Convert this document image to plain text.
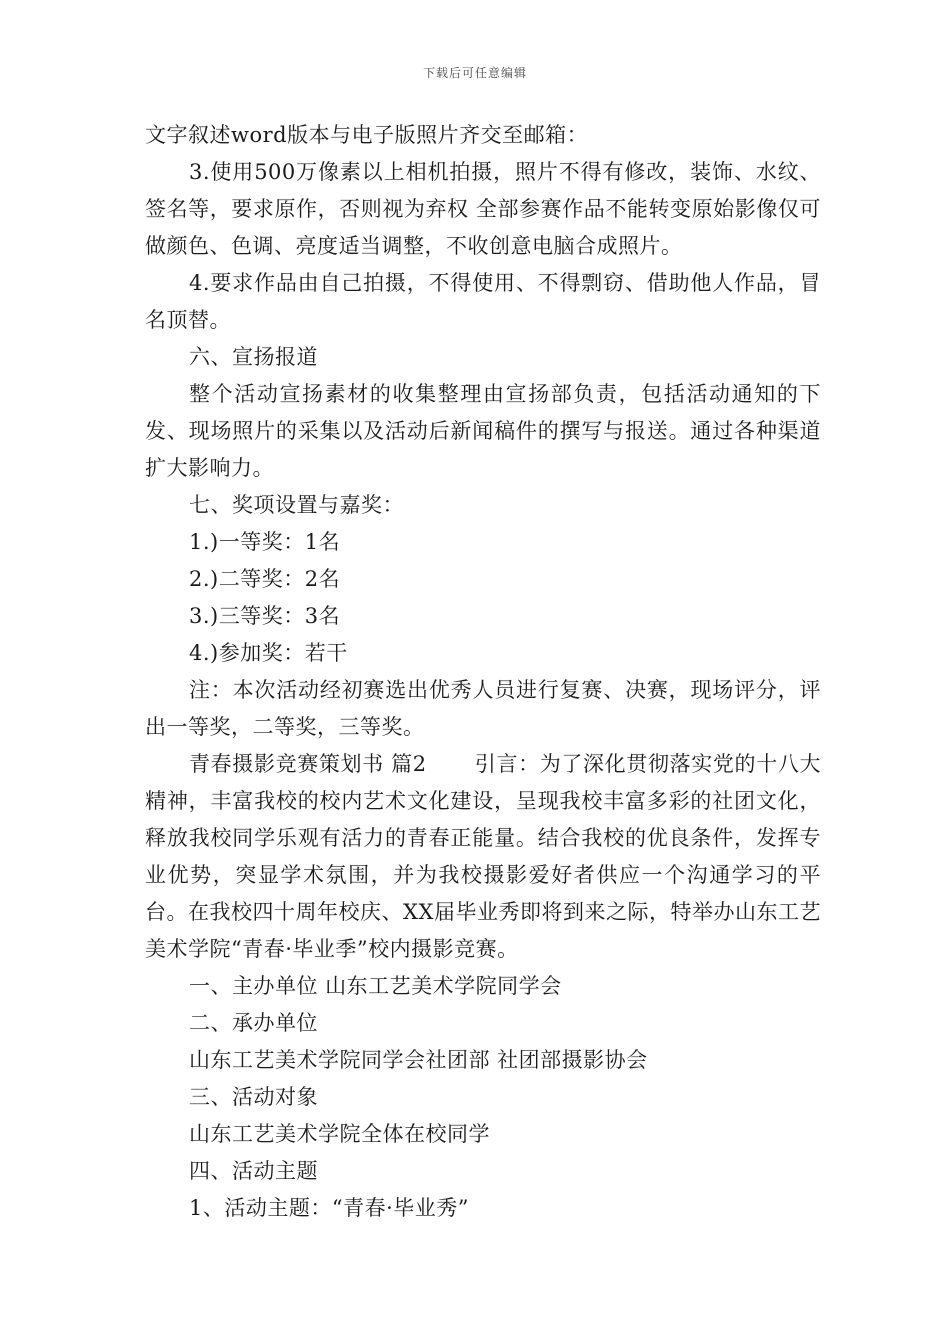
下载后可任意编辑

文字叙述word版本与电子版照片齐交至邮箱：

3.使用500万像素以上相机拍摄，照片不得有修改，装饰、水纹、签名等，要求原作，否则视为弃权 全部参赛作品不能转变原始影像仅可做颜色、色调、亮度适当调整，不收创意电脑合成照片。

4.要求作品由自己拍摄，不得使用、不得剽窃、借助他人作品，冒名顶替。

六、宣扬报道

整个活动宣扬素材的收集整理由宣扬部负责，包括活动通知的下发、现场照片的采集以及活动后新闻稿件的撰写与报送。通过各种渠道扩大影响力。

七、奖项设置与嘉奖：

1.)一等奖：1名

2.)二等奖：2名

3.)三等奖：3名

4.)参加奖：若干

注：本次活动经初赛选出优秀人员进行复赛、决赛，现场评分，评出一等奖，二等奖，三等奖。

青春摄影竞赛策划书 篇2 引言：为了深化贯彻落实党的十八大精神，丰富我校的校内艺术文化建设，呈现我校丰富多彩的社团文化，释放我校同学乐观有活力的青春正能量。结合我校的优良条件，发挥专业优势，突显学术氛围，并为我校摄影爱好者供应一个沟通学习的平台。在我校四十周年校庆、XX届毕业秀即将到来之际，特举办山东工艺美术学院“青春·毕业季”校内摄影竞赛。

一、主办单位 山东工艺美术学院同学会

二、承办单位

山东工艺美术学院同学会社团部 社团部摄影协会

三、活动对象

山东工艺美术学院全体在校同学

四、活动主题

1、活动主题：“青春·毕业秀”
